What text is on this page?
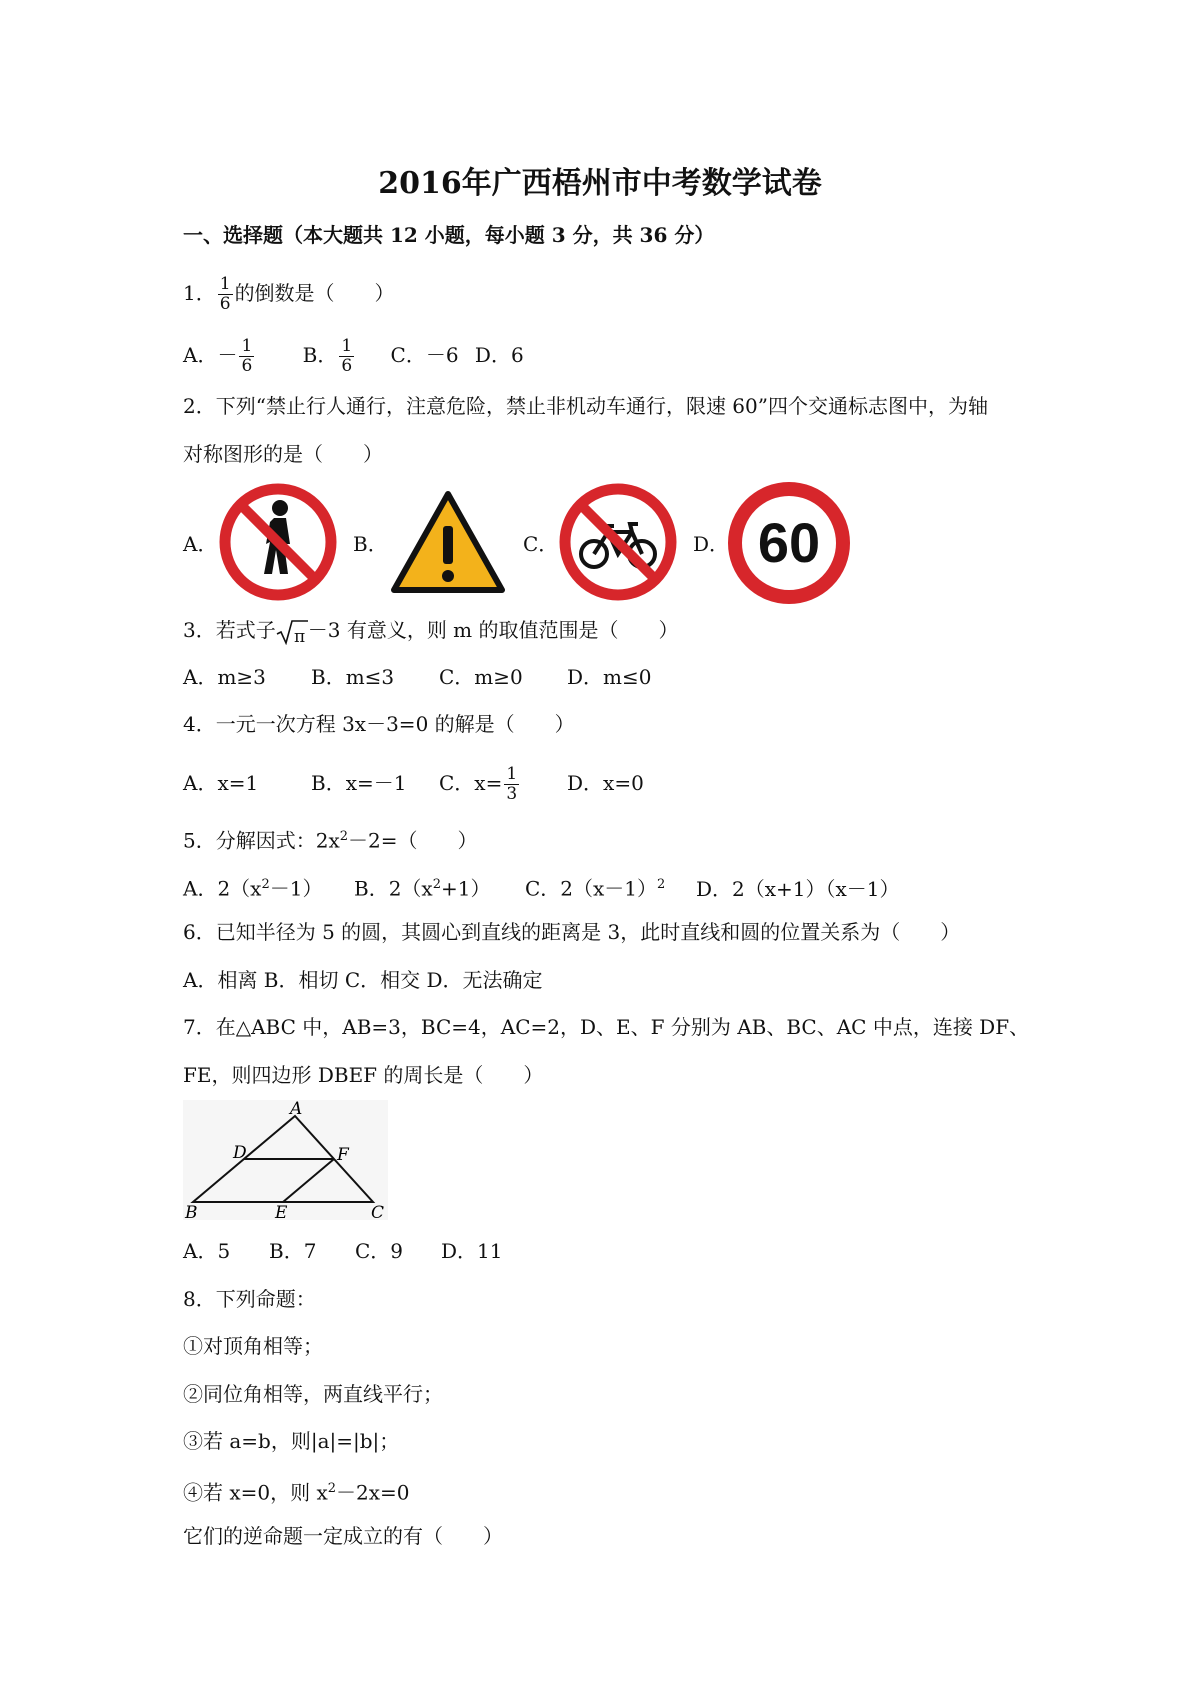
2016年广西梧州市中考数学试卷
一、选择题（本大题共 12 小题，每小题 3 分，共 36 分）
1． $\frac{1}{6}$ 的倒数是（　　）
A．－ $\frac{1}{6}$ B． $\frac{1}{6}$ C．－6 D．6
2．下列“禁止行人通行，注意危险，禁止非机动车通行，限速 60”四个交通标志图中，为轴
对称图形的是（　　）
A．	B．	C．	D． 60
3．若式子 π －3 有意义，则 m 的取值范围是（　　）
A．m≥3 B．m≤3 C．m≥0 D．m≤0
4．一元一次方程 3x－3=0 的解是（　　）
A．x=1	B．x=－1 C．$x= \frac{1}{3}$ D．x=0
5．分解因式：$2x^2-2=$（　　）
A．$2(x^2-1)$ B．$2(x^2+1)$ C．$2(x-1)^2$ D．2（x+1）（x－1）
6．已知半径为 5 的圆，其圆心到直线的距离是 3，此时直线和圆的位置关系为（　　）
A．相离 B．相切 C．相交 D．无法确定
7．在△ABC 中，AB=3，BC=4，AC=2，D、E、F 分别为 AB、BC、AC 中点，连接 DF、
FE，则四边形 DBEF 的周长是（　　）
A
D	F
B	E	C
A．5 B．7 C．9 D．11
8．下列命题：
①对顶角相等；
②同位角相等，两直线平行；
③若 a=b，则|a|=|b|；
④若 x=0，则 $x^2-2x=0$
它们的逆命题一定成立的有（　　）
